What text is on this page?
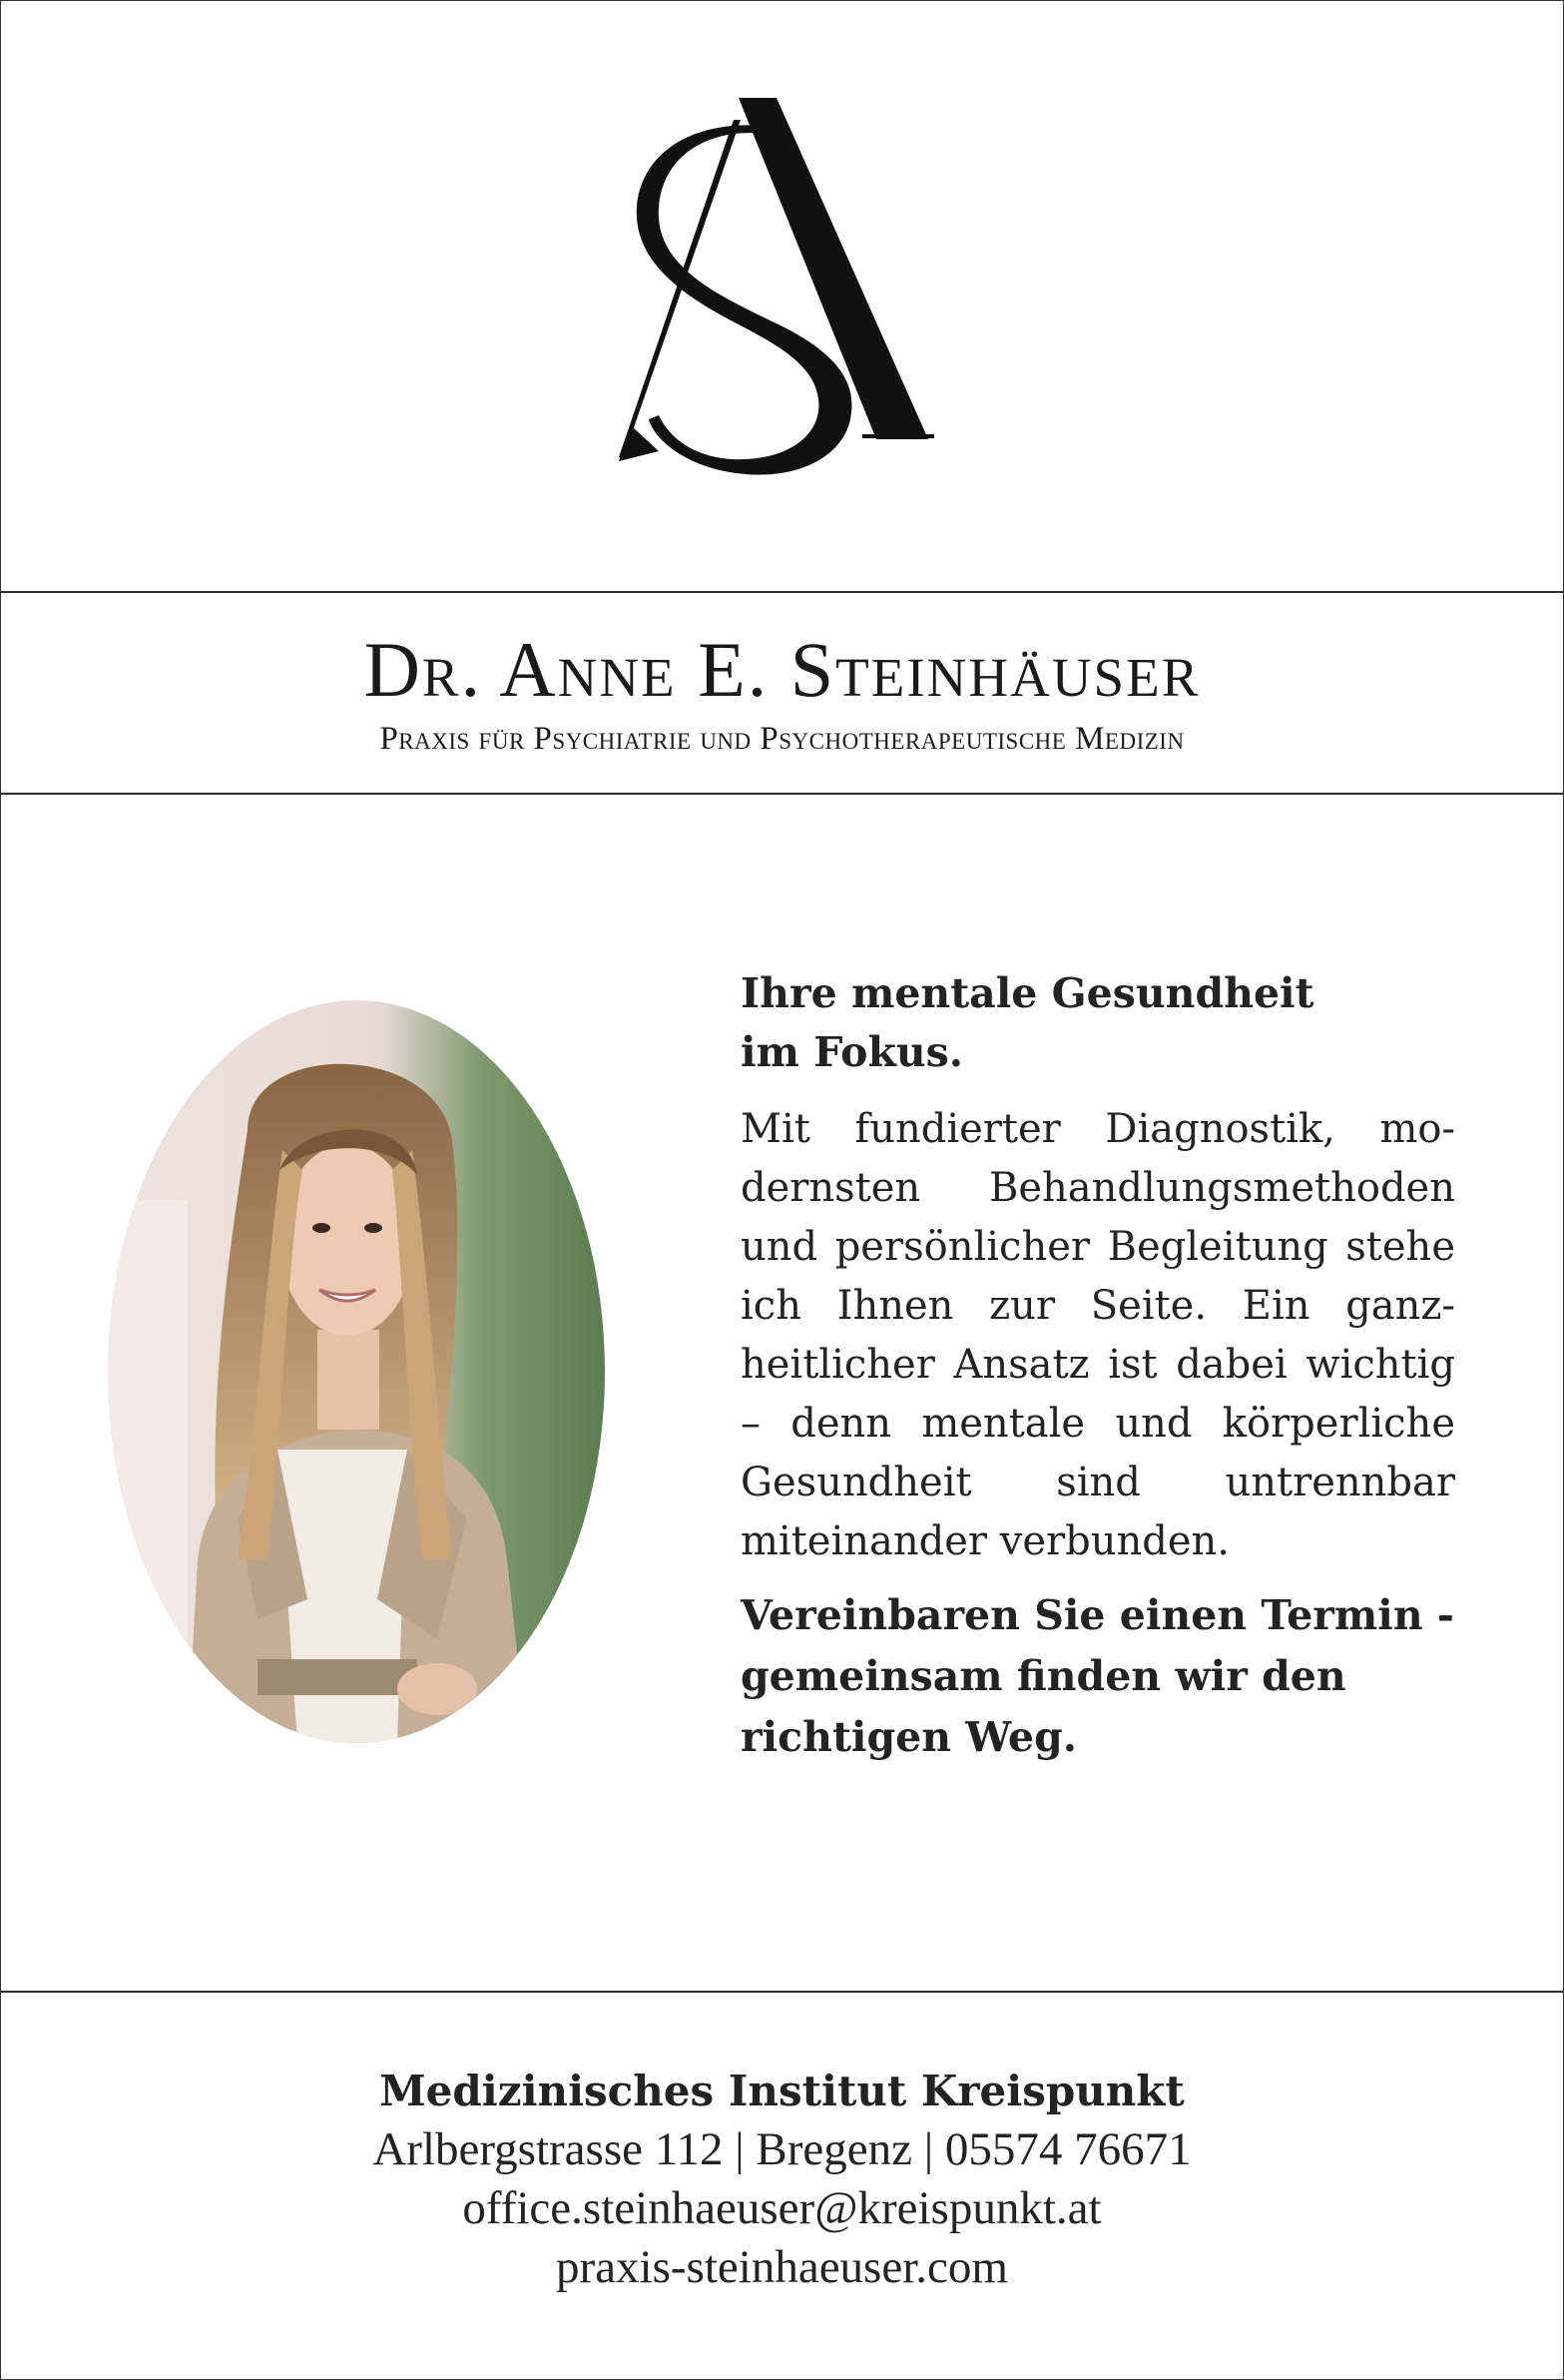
Dr. Anne E. Steinhäuser
Praxis für Psychiatrie und Psychotherapeutische Medizin
Ihre mentale Gesundheit im Fokus.

Mit fundierter Diagnostik, modernsten Behandlungsmethoden und persönlicher Begleitung stehe ich Ihnen zur Seite. Ein ganzheitlicher Ansatz ist dabei wichtig – denn mentale und körperliche Gesundheit sind untrennbar miteinander verbunden.

Vereinbaren Sie einen Termin - gemeinsam finden wir den richtigen Weg.

Medizinisches Institut Kreispunkt
Arlbergstrasse 112 | Bregenz | 05574 76671
office.steinhaeuser@kreispunkt.at
praxis-steinhaeuser.com
